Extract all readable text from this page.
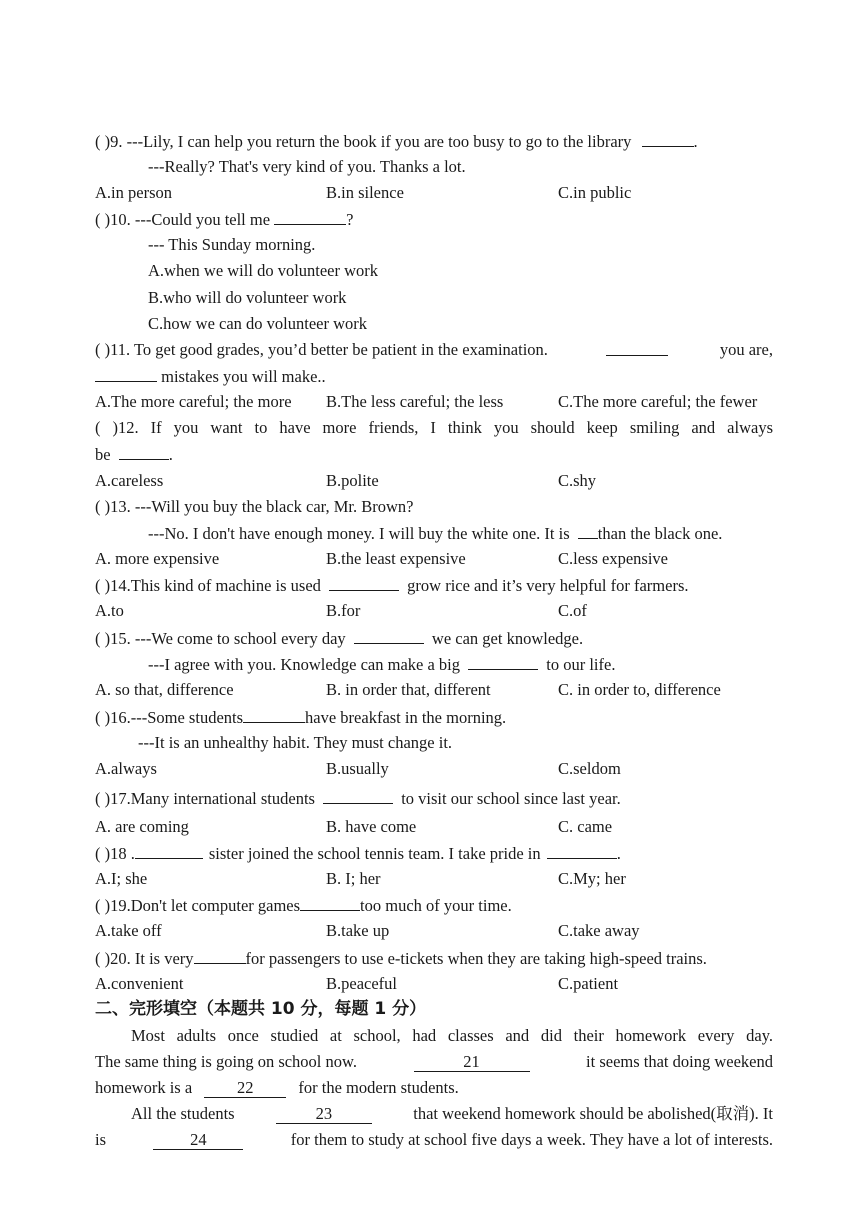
( )9. ---Lily, I can help you return the book if you are too busy to go to the library	.
---Really? That's very kind of you. Thanks a lot.
A.in person	B.in silence	C.in public
( )10. ---Could you tell me	?
--- This Sunday morning.
A.when we will do volunteer work
B.who will do volunteer work
C.how we can do volunteer work
( )11. To get good grades, you’d better be patient in the examination.	you are,
mistakes you will make..
A.The more careful; the more B.The less careful; the less	C.The more careful; the fewer
( )12. If you want to have more friends, I think you should keep smiling and always
be	.
A.careless	B.polite	C.shy
( )13. ---Will you buy the black car, Mr. Brown?
---No. I don't have enough money. I will buy the white one. It is than the black one.
A. more expensive	B.the least expensive	C.less expensive
( )14.This kind of machine is used	grow rice and it’s very helpful for farmers.
A.to	B.for	C.of
( )15. ---We come to school every day	we can get knowledge.
---I agree with you. Knowledge can make a big	to our life.
A. so that, difference	B. in order that, different	C. in order to, difference
( )16.---Some students	have breakfast in the morning.
---It is an unhealthy habit. They must change it.
A.always	B.usually	C.seldom
( )17.Many international students	to visit our school since last year.
A. are coming	B. have come	C. came
( )18 .	sister joined the school tennis team. I take pride in	.
A.I; she	B. I; her	C.My; her
( )19.Don't let computer games	too much of your time.
A.take off	B.take up	C.take away
( )20. It is very	for passengers to use e-tickets when they are taking high-speed trains.
A.convenient	B.peaceful	C.patient
二、完形填空（本题共 10 分，每题 1 分）
Most adults once studied at school, had classes and did their homework every day.
The same thing is going on school now.	21	it seems that doing weekend
homework is a	22	for the modern students.
All the students	23	that weekend homework should be abolished(取消). It
is	24	for them to study at school five days a week. They have a lot of interests.
